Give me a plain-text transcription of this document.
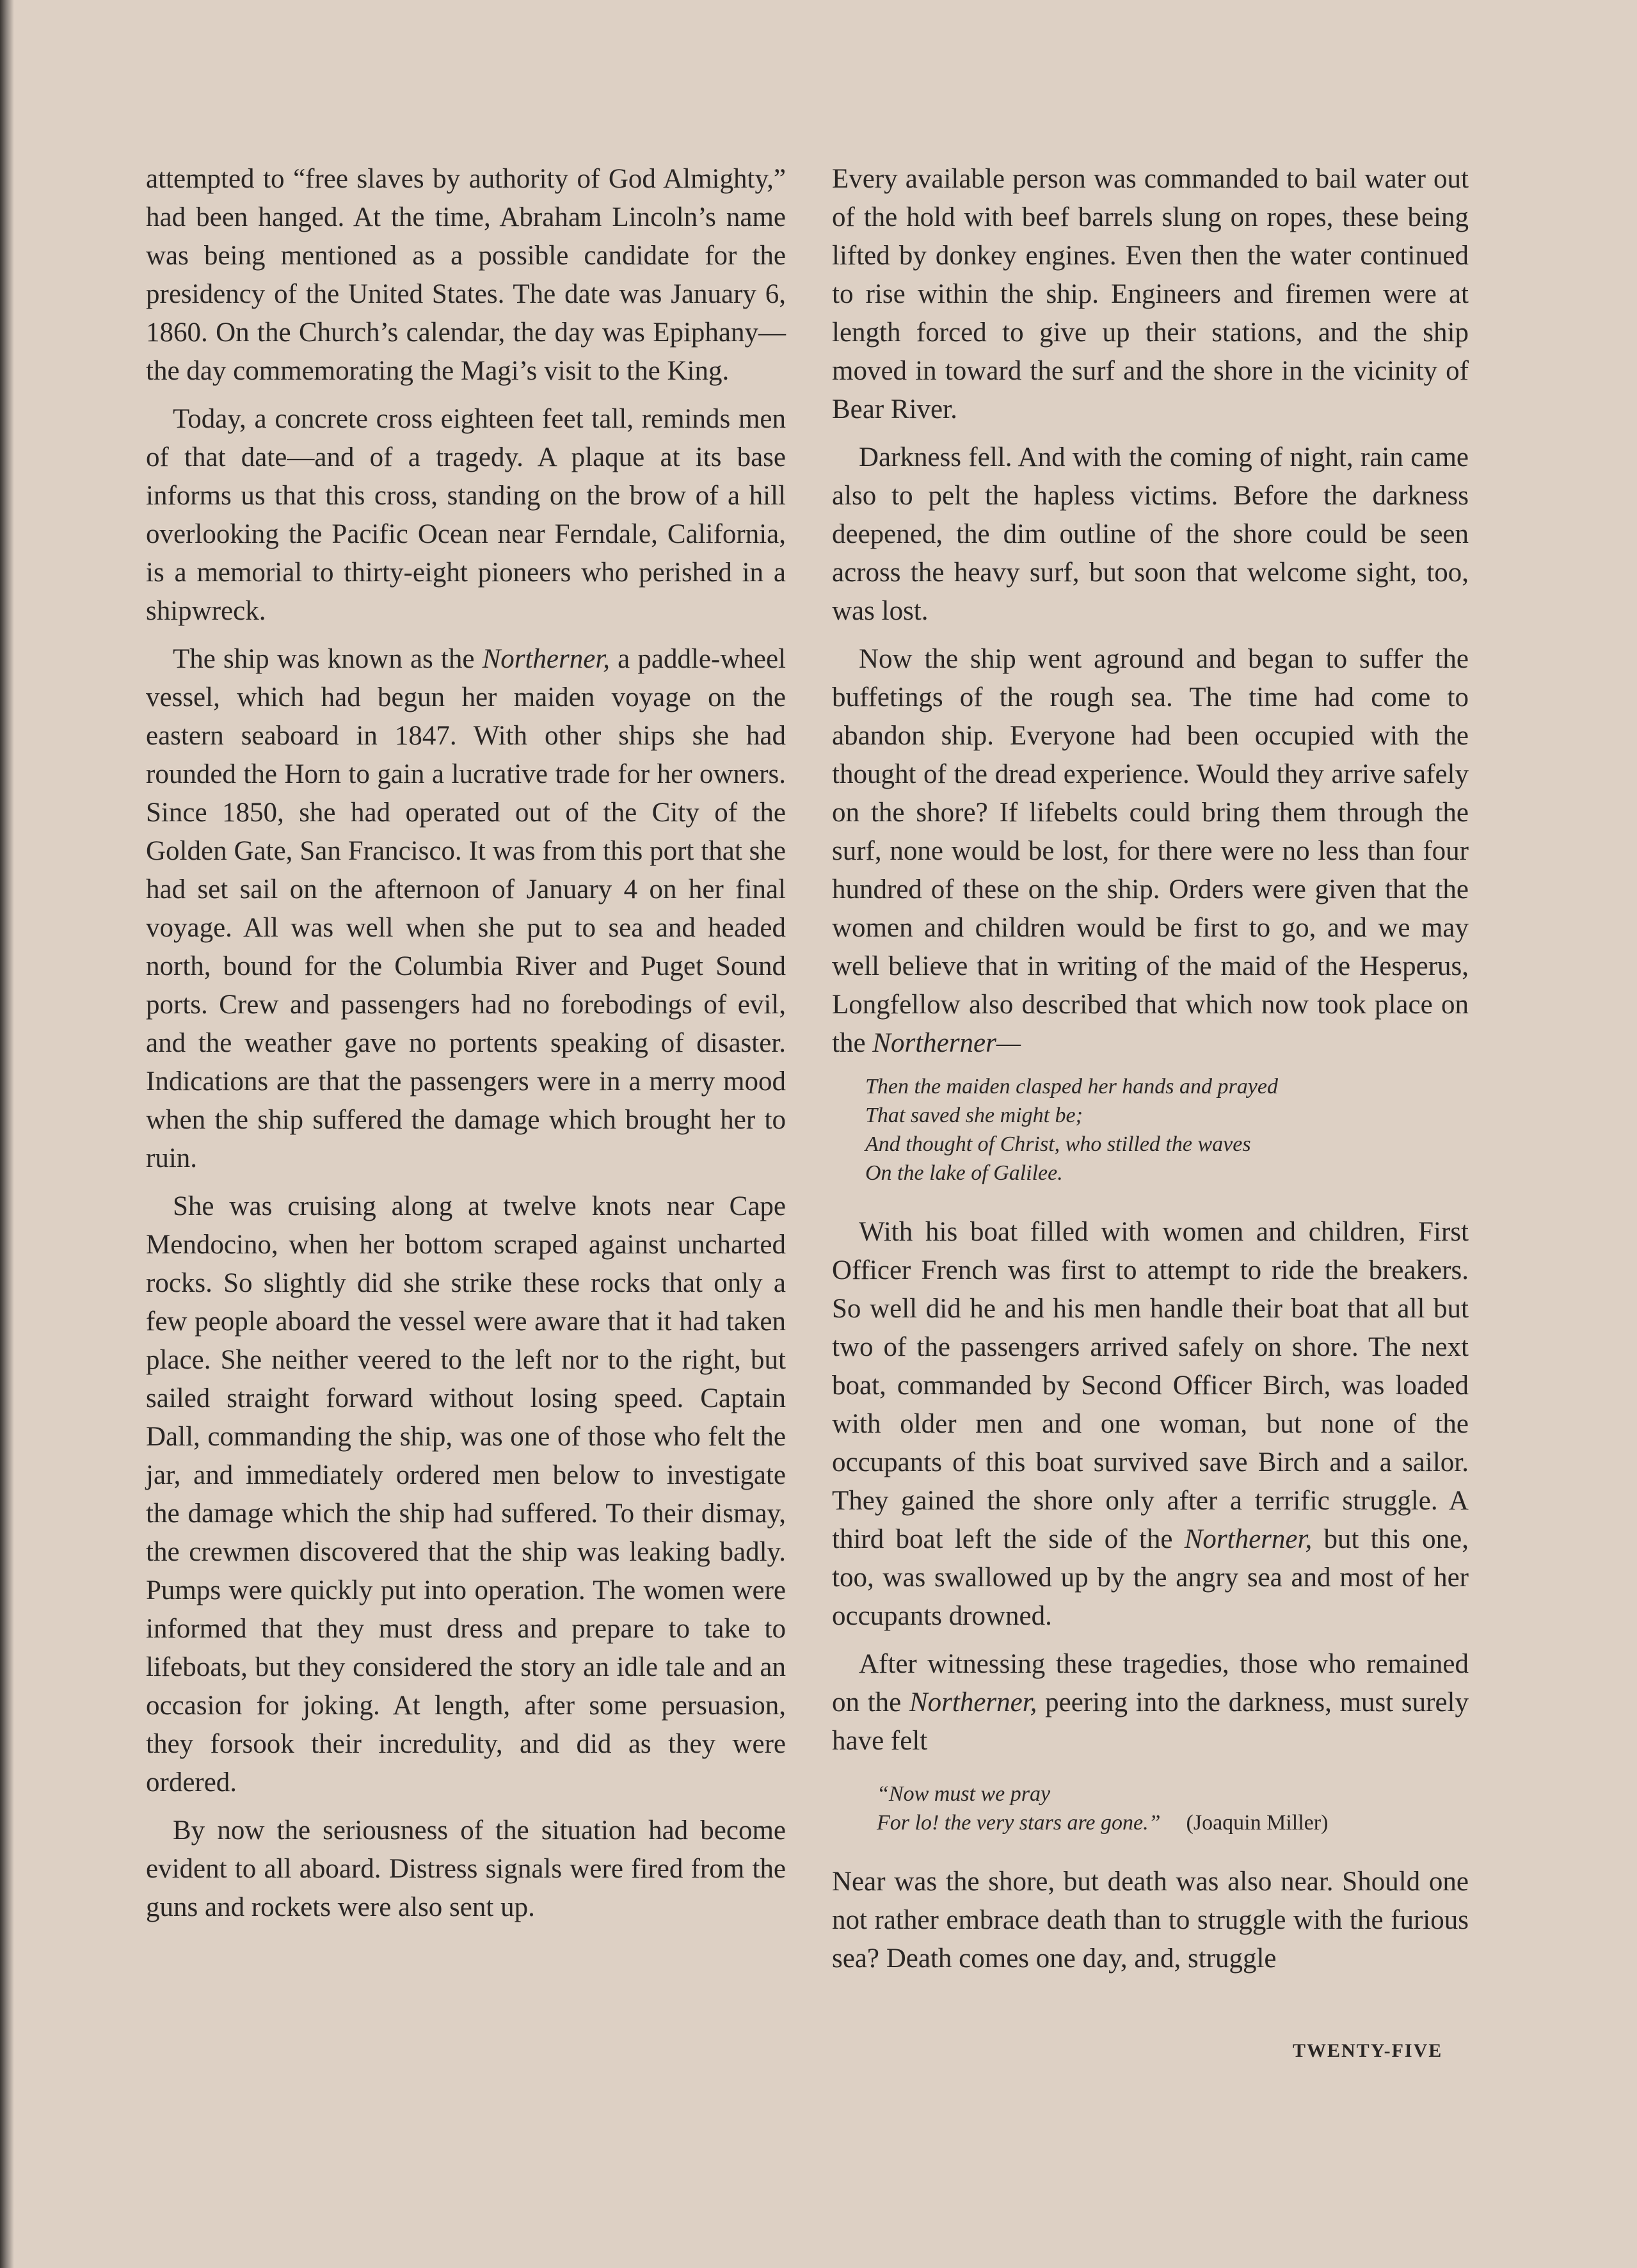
attempted to “free slaves by authority of God Almighty,” had been hanged. At the time, Abraham Lincoln’s name was being mentioned as a possible candidate for the presidency of the United States. The date was January 6, 1860. On the Church’s calendar, the day was Epiphany—the day commemorating the Magi’s visit to the King.

Today, a concrete cross eighteen feet tall, reminds men of that date—and of a tragedy. A plaque at its base informs us that this cross, standing on the brow of a hill overlooking the Pacific Ocean near Ferndale, California, is a memorial to thirty-eight pioneers who perished in a shipwreck.

The ship was known as the Northerner, a paddle-wheel vessel, which had begun her maiden voyage on the eastern seaboard in 1847. With other ships she had rounded the Horn to gain a lucrative trade for her owners. Since 1850, she had operated out of the City of the Golden Gate, San Francisco. It was from this port that she had set sail on the afternoon of January 4 on her final voyage. All was well when she put to sea and headed north, bound for the Columbia River and Puget Sound ports. Crew and passengers had no forebodings of evil, and the weather gave no portents speaking of disaster. Indications are that the passengers were in a merry mood when the ship suffered the damage which brought her to ruin.

She was cruising along at twelve knots near Cape Mendocino, when her bottom scraped against uncharted rocks. So slightly did she strike these rocks that only a few people aboard the vessel were aware that it had taken place. She neither veered to the left nor to the right, but sailed straight forward without losing speed. Captain Dall, commanding the ship, was one of those who felt the jar, and immediately ordered men below to investigate the damage which the ship had suffered. To their dismay, the crewmen discovered that the ship was leaking badly. Pumps were quickly put into operation. The women were informed that they must dress and prepare to take to lifeboats, but they considered the story an idle tale and an occasion for joking. At length, after some persuasion, they forsook their incredulity, and did as they were ordered.

By now the seriousness of the situation had become evident to all aboard. Distress signals were fired from the guns and rockets were also sent up.

Every available person was commanded to bail water out of the hold with beef barrels slung on ropes, these being lifted by donkey engines. Even then the water continued to rise within the ship. Engineers and firemen were at length forced to give up their stations, and the ship moved in toward the surf and the shore in the vicinity of Bear River.

Darkness fell. And with the coming of night, rain came also to pelt the hapless victims. Before the darkness deepened, the dim outline of the shore could be seen across the heavy surf, but soon that welcome sight, too, was lost.

Now the ship went aground and began to suffer the buffetings of the rough sea. The time had come to abandon ship. Everyone had been occupied with the thought of the dread experience. Would they arrive safely on the shore? If lifebelts could bring them through the surf, none would be lost, for there were no less than four hundred of these on the ship. Orders were given that the women and children would be first to go, and we may well believe that in writing of the maid of the Hesperus, Longfellow also described that which now took place on the Northerner—

Then the maiden clasped her hands and prayed
That saved she might be;
And thought of Christ, who stilled the waves
On the lake of Galilee.

With his boat filled with women and children, First Officer French was first to attempt to ride the breakers. So well did he and his men handle their boat that all but two of the passengers arrived safely on shore. The next boat, commanded by Second Officer Birch, was loaded with older men and one woman, but none of the occupants of this boat survived save Birch and a sailor. They gained the shore only after a terrific struggle. A third boat left the side of the Northerner, but this one, too, was swallowed up by the angry sea and most of her occupants drowned.

After witnessing these tragedies, those who remained on the Northerner, peering into the darkness, must surely have felt

“Now must we pray
For lo! the very stars are gone.” (Joaquin Miller)

Near was the shore, but death was also near. Should one not rather embrace death than to struggle with the furious sea? Death comes one day, and, struggle

TWENTY-FIVE
